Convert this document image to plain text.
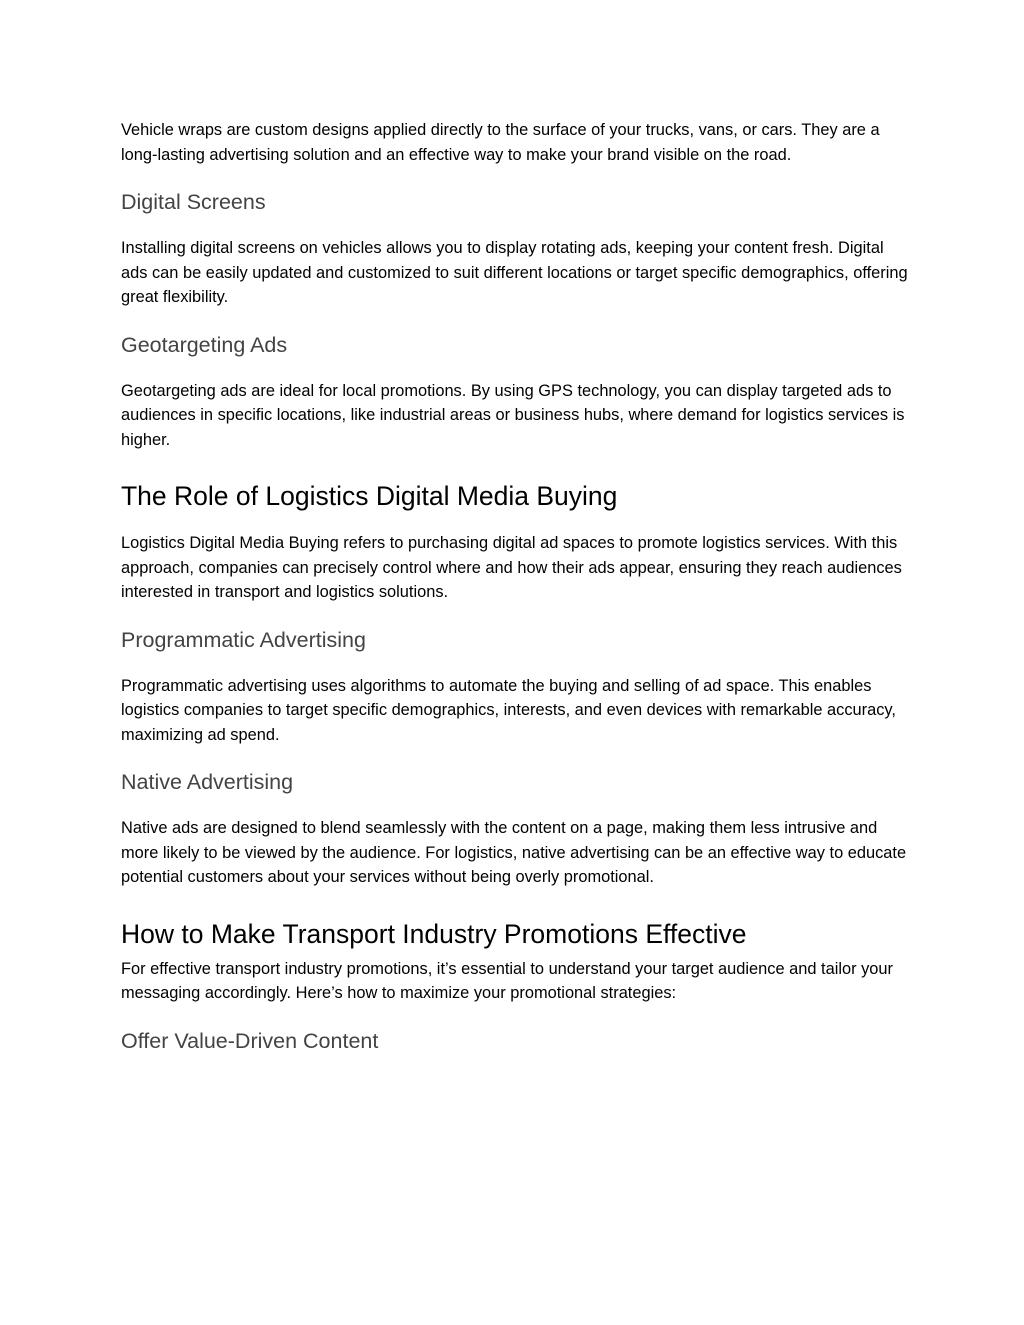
Vehicle wraps are custom designs applied directly to the surface of your trucks, vans, or cars. They are a long-lasting advertising solution and an effective way to make your brand visible on the road.

Digital Screens

Installing digital screens on vehicles allows you to display rotating ads, keeping your content fresh. Digital ads can be easily updated and customized to suit different locations or target specific demographics, offering great flexibility.

Geotargeting Ads

Geotargeting ads are ideal for local promotions. By using GPS technology, you can display targeted ads to audiences in specific locations, like industrial areas or business hubs, where demand for logistics services is higher.

The Role of Logistics Digital Media Buying

Logistics Digital Media Buying refers to purchasing digital ad spaces to promote logistics services. With this approach, companies can precisely control where and how their ads appear, ensuring they reach audiences interested in transport and logistics solutions.

Programmatic Advertising

Programmatic advertising uses algorithms to automate the buying and selling of ad space. This enables logistics companies to target specific demographics, interests, and even devices with remarkable accuracy, maximizing ad spend.

Native Advertising

Native ads are designed to blend seamlessly with the content on a page, making them less intrusive and more likely to be viewed by the audience. For logistics, native advertising can be an effective way to educate potential customers about your services without being overly promotional.

How to Make Transport Industry Promotions Effective

For effective transport industry promotions, it’s essential to understand your target audience and tailor your messaging accordingly. Here’s how to maximize your promotional strategies:

Offer Value-Driven Content
